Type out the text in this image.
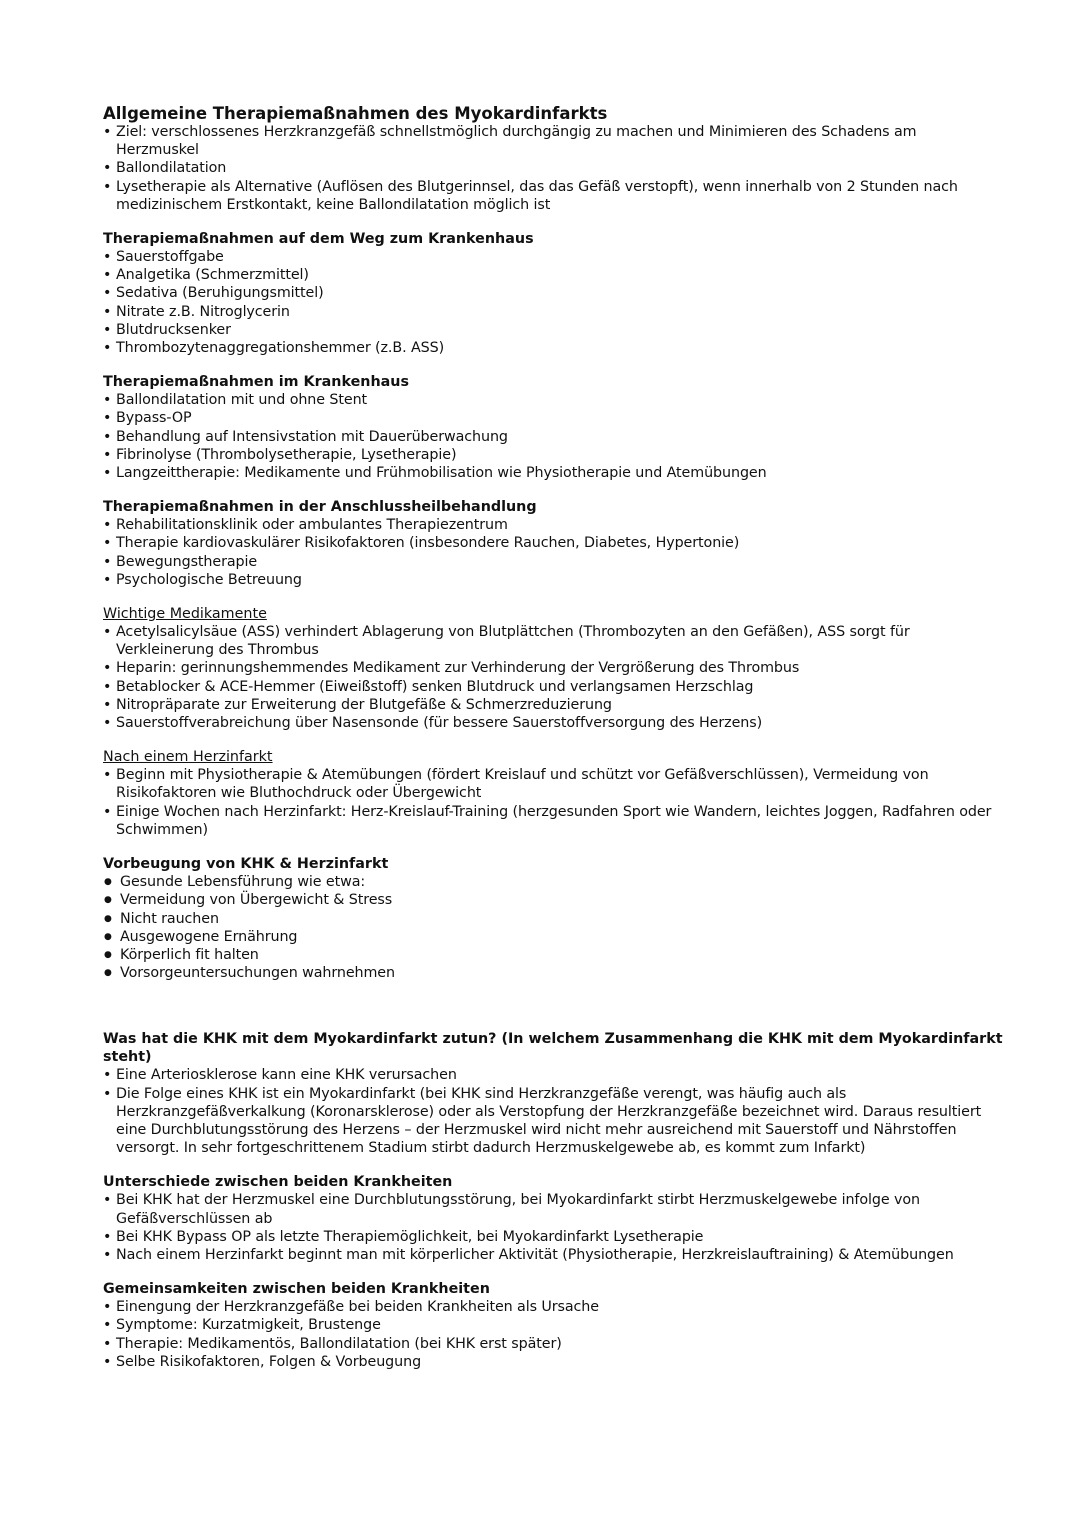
Allgemeine Therapiemaßnahmen des Myokardinfarkts
• Ziel: verschlossenes Herzkranzgefäß schnellstmöglich durchgängig zu machen und Minimieren des Schadens am Herzmuskel
• Ballondilatation
• Lysetherapie als Alternative (Auflösen des Blutgerinnsel, das das Gefäß verstopft), wenn innerhalb von 2 Stunden nach medizinischem Erstkontakt, keine Ballondilatation möglich ist
Therapiemaßnahmen auf dem Weg zum Krankenhaus
• Sauerstoffgabe
• Analgetika (Schmerzmittel)
• Sedativa (Beruhigungsmittel)
• Nitrate z.B. Nitroglycerin
• Blutdrucksenker
• Thrombozytenaggregationshemmer (z.B. ASS)
Therapiemaßnahmen im Krankenhaus
• Ballondilatation mit und ohne Stent
• Bypass-OP
• Behandlung auf Intensivstation mit Dauerüberwachung
• Fibrinolyse (Thrombolysetherapie, Lysetherapie)
• Langzeittherapie: Medikamente und Frühmobilisation wie Physiotherapie und Atemübungen
Therapiemaßnahmen in der Anschlussheilbehandlung
• Rehabilitationsklinik oder ambulantes Therapiezentrum
• Therapie kardiovaskulärer Risikofaktoren (insbesondere Rauchen, Diabetes, Hypertonie)
• Bewegungstherapie
• Psychologische Betreuung
Wichtige Medikamente
• Acetylsalicylsäue (ASS) verhindert Ablagerung von Blutplättchen (Thrombozyten an den Gefäßen), ASS sorgt für Verkleinerung des Thrombus
• Heparin: gerinnungshemmendes Medikament zur Verhinderung der Vergrößerung des Thrombus
• Betablocker & ACE-Hemmer (Eiweißstoff) senken Blutdruck und verlangsamen Herzschlag
• Nitropräparate zur Erweiterung der Blutgefäße & Schmerzreduzierung
• Sauerstoffverabreichung über Nasensonde (für bessere Sauerstoffversorgung des Herzens)
Nach einem Herzinfarkt
• Beginn mit Physiotherapie & Atemübungen (fördert Kreislauf und schützt vor Gefäßverschlüssen), Vermeidung von Risikofaktoren wie Bluthochdruck oder Übergewicht
• Einige Wochen nach Herzinfarkt: Herz-Kreislauf-Training (herzgesunden Sport wie Wandern, leichtes Joggen, Radfahren oder Schwimmen)
Vorbeugung von KHK & Herzinfarkt
● Gesunde Lebensführung wie etwa:
● Vermeidung von Übergewicht & Stress
● Nicht rauchen
● Ausgewogene Ernährung
● Körperlich fit halten
● Vorsorgeuntersuchungen wahrnehmen
Was hat die KHK mit dem Myokardinfarkt zutun? (In welchem Zusammenhang die KHK mit dem Myokardinfarkt steht)
• Eine Arteriosklerose kann eine KHK verursachen
• Die Folge eines KHK ist ein Myokardinfarkt (bei KHK sind Herzkranzgefäße verengt, was häufig auch als Herzkranzgefäßverkalkung (Koronarsklerose) oder als Verstopfung der Herzkranzgefäße bezeichnet wird. Daraus resultiert eine Durchblutungsstörung des Herzens – der Herzmuskel wird nicht mehr ausreichend mit Sauerstoff und Nährstoffen versorgt. In sehr fortgeschrittenem Stadium stirbt dadurch Herzmuskelgewebe ab, es kommt zum Infarkt)
Unterschiede zwischen beiden Krankheiten
• Bei KHK hat der Herzmuskel eine Durchblutungsstörung, bei Myokardinfarkt stirbt Herzmuskelgewebe infolge von Gefäßverschlüssen ab
• Bei KHK Bypass OP als letzte Therapiemöglichkeit, bei Myokardinfarkt Lysetherapie
• Nach einem Herzinfarkt beginnt man mit körperlicher Aktivität (Physiotherapie, Herzkreislauftraining) & Atemübungen
Gemeinsamkeiten zwischen beiden Krankheiten
• Einengung der Herzkranzgefäße bei beiden Krankheiten als Ursache
• Symptome: Kurzatmigkeit, Brustenge
• Therapie: Medikamentös, Ballondilatation (bei KHK erst später)
• Selbe Risikofaktoren, Folgen & Vorbeugung
